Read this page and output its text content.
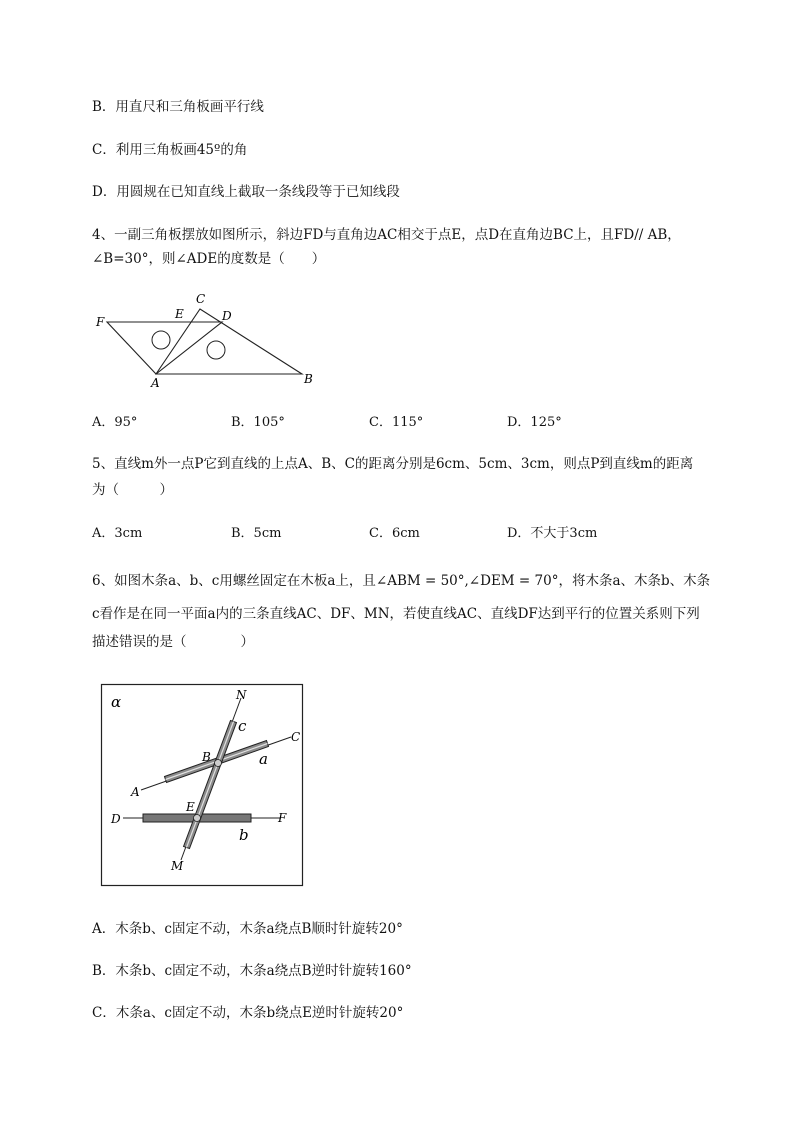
B．用直尺和三角板画平行线
C．利用三角板画45º的角
D．用圆规在已知直线上截取一条线段等于已知线段
4、一副三角板摆放如图所示，斜边FD与直角边AC相交于点E，点D在直角边BC上，且FD// AB，
∠B=30°，则∠ADE的度数是（　　）
C
E	D
F
A	B
A．95°	B．105°	C．115°	D．125°
5、直线m外一点P它到直线的上点A、B、C的距离分别是6cm、5cm、3cm，则点P到直线m的距离
为（　　　）
A．3cm	B．5cm	C．6cm	D．不大于3cm
6、如图木条a、b、c用螺丝固定在木板a上，且∠ABM = 50°,∠DEM = 70°，将木条a、木条b、木条
c看作是在同一平面a内的三条直线AC、DF、MN，若使直线AC、直线DF达到平行的位置关系则下列
描述错误的是（　　　　）
α	N
c
C
B	a
A
E
D	F
b
M
A．木条b、c固定不动，木条a绕点B顺时针旋转20°
B．木条b、c固定不动，木条a绕点B逆时针旋转160°
C．木条a、c固定不动，木条b绕点E逆时针旋转20°
